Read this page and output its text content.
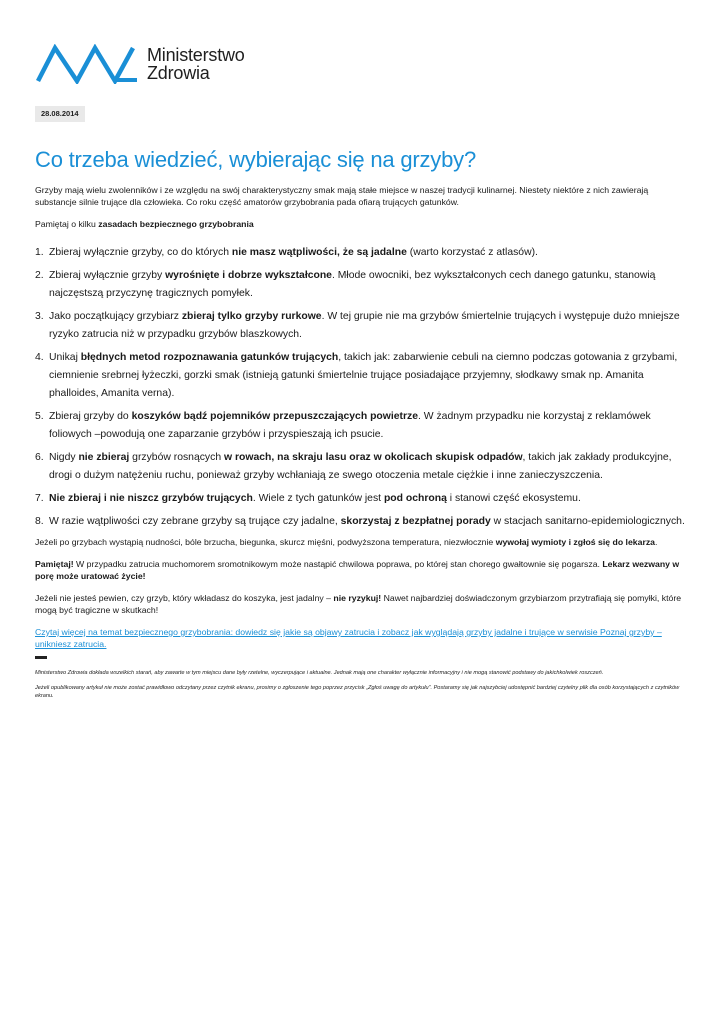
Ministerstwo
Zdrowia
28.08.2014
Co trzeba wiedzieć, wybierając się na grzyby?

Grzyby mają wielu zwolenników i ze względu na swój charakterystyczny smak mają stałe miejsce w naszej tradycji kulinarnej. Niestety niektóre z nich zawierają substancje silnie trujące dla człowieka. Co roku część amatorów grzybobrania pada ofiarą trujących gatunków.

Pamiętaj o kilku zasadach bezpiecznego grzybobrania

1. Zbieraj wyłącznie grzyby, co do których nie masz wątpliwości, że są jadalne (warto korzystać z atlasów).
2. Zbieraj wyłącznie grzyby wyrośnięte i dobrze wykształcone. Młode owocniki, bez wykształconych cech danego gatunku, stanowią najczęstszą przyczynę tragicznych pomyłek.
3. Jako początkujący grzybiarz zbieraj tylko grzyby rurkowe. W tej grupie nie ma grzybów śmiertelnie trujących i występuje dużo mniejsze ryzyko zatrucia niż w przypadku grzybów blaszkowych.
4. Unikaj błędnych metod rozpoznawania gatunków trujących, takich jak: zabarwienie cebuli na ciemno podczas gotowania z grzybami, ciemnienie srebrnej łyżeczki, gorzki smak (istnieją gatunki śmiertelnie trujące posiadające przyjemny, słodkawy smak np. Amanita phalloides, Amanita verna).
5. Zbieraj grzyby do koszyków bądź pojemników przepuszczających powietrze. W żadnym przypadku nie korzystaj z reklamówek foliowych –powodują one zaparzanie grzybów i przyspieszają ich psucie.
6. Nigdy nie zbieraj grzybów rosnących w rowach, na skraju lasu oraz w okolicach skupisk odpadów, takich jak zakłady produkcyjne, drogi o dużym natężeniu ruchu, ponieważ grzyby wchłaniają ze swego otoczenia metale ciężkie i inne zanieczyszczenia.
7. Nie zbieraj i nie niszcz grzybów trujących. Wiele z tych gatunków jest pod ochroną i stanowi część ekosystemu.
8. W razie wątpliwości czy zebrane grzyby są trujące czy jadalne, skorzystaj z bezpłatnej porady w stacjach sanitarno-epidemiologicznych.

Jeżeli po grzybach wystąpią nudności, bóle brzucha, biegunka, skurcz mięśni, podwyższona temperatura, niezwłocznie wywołaj wymioty i zgłoś się do lekarza.

Pamiętaj! W przypadku zatrucia muchomorem sromotnikowym może nastąpić chwilowa poprawa, po której stan chorego gwałtownie się pogarsza. Lekarz wezwany w porę może uratować życie!

Jeżeli nie jesteś pewien, czy grzyb, który wkładasz do koszyka, jest jadalny – nie ryzykuj! Nawet najbardziej doświadczonym grzybiarzom przytrafiają się pomyłki, które mogą być tragiczne w skutkach!

Czytaj więcej na temat bezpiecznego grzybobrania: dowiedz się jakie są objawy zatrucia i zobacz jak wyglądają grzyby jadalne i trujące w serwisie Poznaj grzyby – unikniesz zatrucia.

Ministerstwo Zdrowia dokłada wszelkich starań, aby zawarte w tym miejscu dane były rzetelne, wyczerpujące i aktualne. Jednak mają one charakter wyłącznie informacyjny i nie mogą stanowić podstawy do jakichkolwiek roszczeń.

Jeżeli opublikowany artykuł nie może zostać prawidłowo odczytany przez czytnik ekranu, prosimy o zgłoszenie tego poprzez przycisk „Zgłoś uwagę do artykułu”. Postaramy się jak najszybciej udostępnić bardziej czytelny plik dla osób korzystających z czytników ekranu.
